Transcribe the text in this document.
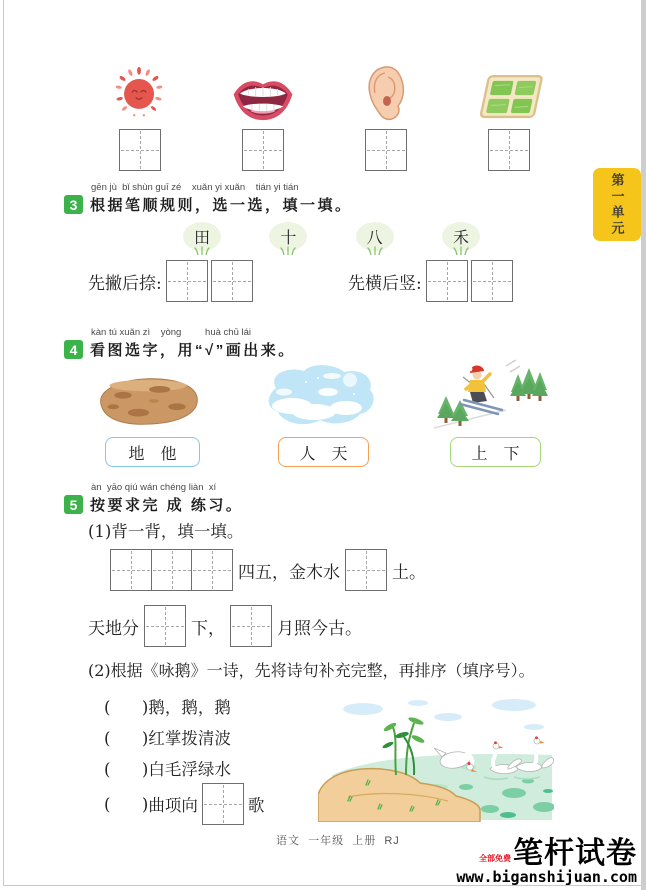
第一单元
gēn jù  bǐ shùn guī zé    xuǎn yi xuǎn    tián yi tián
3 根据笔顺规则，选一选，填一填。
田	十	八	禾
先撇后捺:	先横后竖:
kàn tú xuǎn zì    yòng         huà chū lái
4 看图选字，用“√”画出来。
地　他	人　天	上　下
àn  yāo qiú wán chéng liàn  xí
5 按要求完 成 练习。
(1)背一背，填一填。
四五，金木水	土。
天地分	下，	月照今古。
(2)根据《咏鹅》一诗，先将诗句补充完整，再排序（填序号）。
(      )鹅，鹅，鹅
(      )红掌拨清波
(      )白毛浮绿水
(      ) 曲项向	歌
语文  一年级  上册  RJ
全部免费 笔杆试卷
www.biganshijuan.com
